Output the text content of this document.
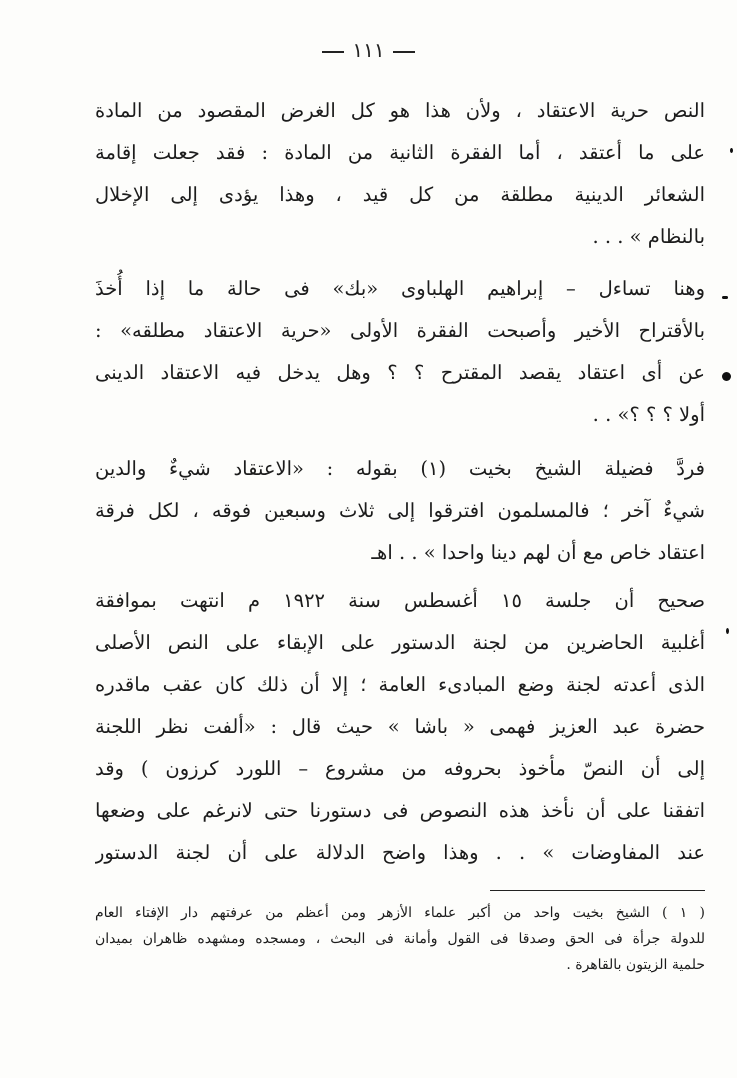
١١١
النص حرية الاعتقاد ، ولأن هذا هو كل الغرض المقصود من المادة
على ما أعتقد ، أما الفقرة الثانية من المادة : فقد جعلت إقامة
الشعائر الدينية مطلقة من كل قيد ، وهذا يؤدى إلى الإخلال
بالنظام » . . .
وهنا تساءل – إبراهيم الهلباوى «بك» فى حالة ما إذا أُخذَ
بالأقتراح الأخير وأصبحت الفقرة الأولى «حرية الاعتقاد مطلقه» :
عن أى اعتقاد يقصد المقترح ؟ ؟ وهل يدخل فيه الاعتقاد الدينى
أولا ؟ ؟ ؟» . .
فردَّ فضيلة الشيخ بخيت (١) بقوله : «الاعتقاد شيءٌ والدين
شيءٌ آخر ؛ فالمسلمون افترقوا إلى ثلاث وسبعين فوقه ، لكل فرقة
اعتقاد خاص مع أن لهم دينا واحدا » . . اهـ
صحيح أن جلسة ١٥ أغسطس سنة ١٩٢٢ م انتهت بموافقة
أغلبية الحاضرين من لجنة الدستور على الإبقاء على النص الأصلى
الذى أعدته لجنة وضع المبادىء العامة ؛ إلا أن ذلك كان عقب ماقدره
حضرة عبد العزيز فهمى « باشا » حيث قال : «ألفت نظر اللجنة
إلى أن النصّ مأخوذ بحروفه من مشروع – اللورد كرزون ) وقد
اتفقنا على أن نأخذ هذه النصوص فى دستورنا حتى لانرغم على وضعها
عند المفاوضات » . . وهذا واضح الدلالة على أن لجنة الدستور
( ١ ) الشيخ بخيت واحد من أكبر علماء الأزهر ومن أعظم من عرفتهم دار الإفتاء العام
للدولة جرأة فى الحق وصدقا فى القول وأمانة فى البحث ، ومسجده ومشهده ظاهران بميدان
حلمية الزيتون بالقاهرة .
